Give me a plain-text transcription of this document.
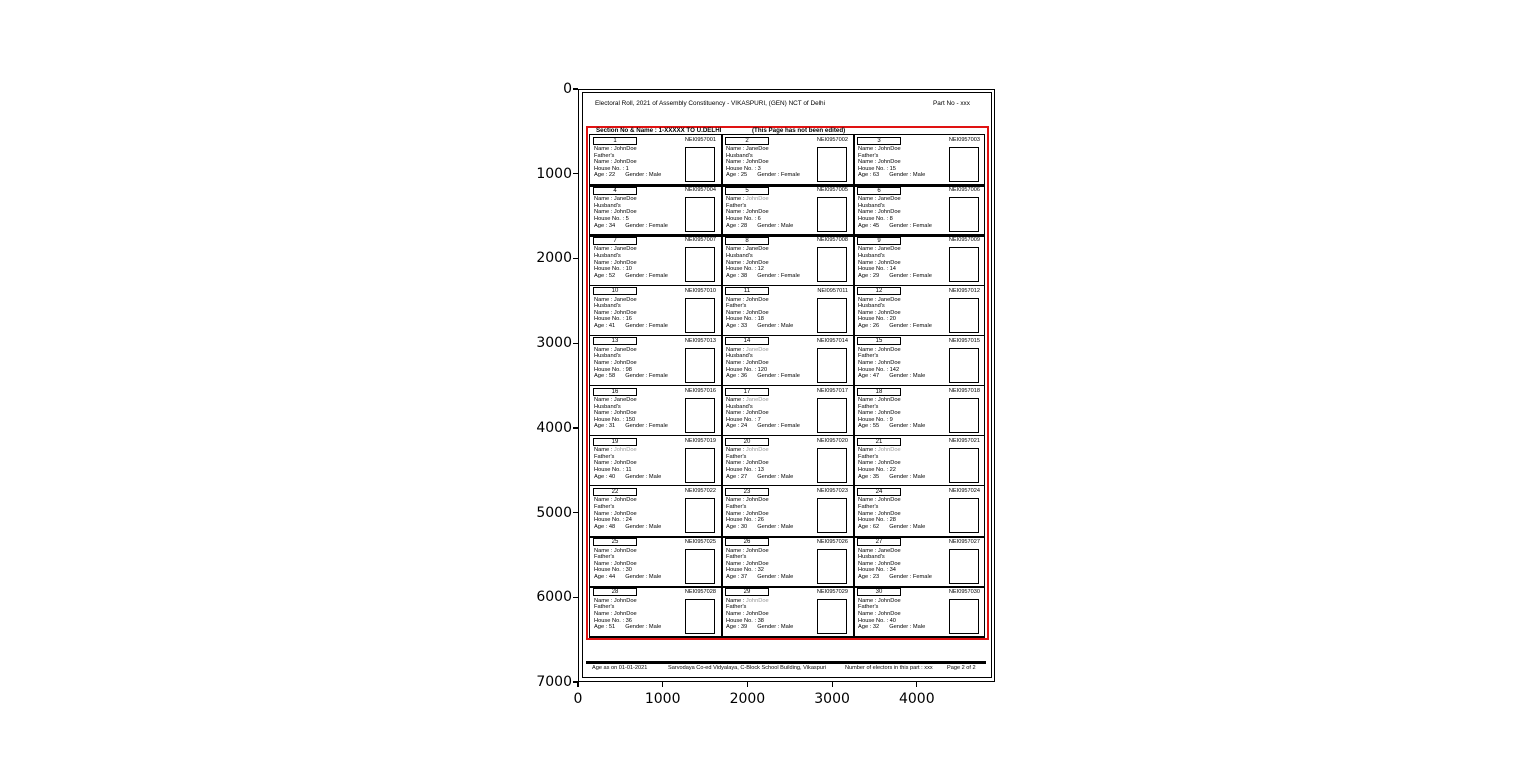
0
1000
2000
3000
4000
5000
6000
7000
0	1000	2000	3000	4000
Electoral Roll, 2021 of Assembly Constituency - VIKASPURI, (GEN) NCT of Delhi	Part No - xxx
Section No & Name : 1-XXXXX TO U.DELHI	(This Page has not been edited)
1	NEI0957001
Name : JohnDoe
Father's
Name : JohnDoe
House No. : 1
Age : 22 Gender : Male
2	NEI0957002
Name : JaneDoe
Husband's
Name : JohnDoe
House No. : 3
Age : 25 Gender : Female
3	NEI0957003
Name : JohnDoe
Father's
Name : JohnDoe
House No. : 15
Age : 63 Gender : Male
4	NEI0957004
Name : JaneDoe
Husband's
Name : JohnDoe
House No. : 5
Age : 34 Gender : Female
5	NEI0957005
Name : JohnDoe
Father's
Name : JohnDoe
House No. : 6
Age : 28 Gender : Male
6	NEI0957006
Name : JaneDoe
Husband's
Name : JohnDoe
House No. : 8
Age : 45 Gender : Female
7	NEI0957007
Name : JaneDoe
Husband's
Name : JohnDoe
House No. : 10
Age : 52 Gender : Female
8	NEI0957008
Name : JaneDoe
Husband's
Name : JohnDoe
House No. : 12
Age : 38 Gender : Female
9	NEI0957009
Name : JaneDoe
Husband's
Name : JohnDoe
House No. : 14
Age : 29 Gender : Female
10	NEI0957010
Name : JaneDoe
Husband's
Name : JohnDoe
House No. : 16
Age : 41 Gender : Female
11	NEI0957011
Name : JohnDoe
Father's
Name : JohnDoe
House No. : 18
Age : 33 Gender : Male
12	NEI0957012
Name : JaneDoe
Husband's
Name : JohnDoe
House No. : 20
Age : 26 Gender : Female
13	NEI0957013
Name : JaneDoe
Husband's
Name : JohnDoe
House No. : 98
Age : 58 Gender : Female
14	NEI0957014
Name : JaneDoe
Husband's
Name : JohnDoe
House No. : 120
Age : 36 Gender : Female
15	NEI0957015
Name : JohnDoe
Father's
Name : JohnDoe
House No. : 142
Age : 47 Gender : Male
16	NEI0957016
Name : JaneDoe
Husband's
Name : JohnDoe
House No. : 150
Age : 31 Gender : Female
17	NEI0957017
Name : JaneDoe
Husband's
Name : JohnDoe
House No. : 7
Age : 24 Gender : Female
18	NEI0957018
Name : JohnDoe
Father's
Name : JohnDoe
House No. : 9
Age : 55 Gender : Male
19	NEI0957019
Name : JohnDoe
Father's
Name : JohnDoe
House No. : 11
Age : 40 Gender : Male
20	NEI0957020
Name : JohnDoe
Father's
Name : JohnDoe
House No. : 13
Age : 27 Gender : Male
21	NEI0957021
Name : JohnDoe
Father's
Name : JohnDoe
House No. : 22
Age : 35 Gender : Male
22	NEI0957022
Name : JohnDoe
Father's
Name : JohnDoe
House No. : 24
Age : 48 Gender : Male
23	NEI0957023
Name : JohnDoe
Father's
Name : JohnDoe
House No. : 26
Age : 30 Gender : Male
24	NEI0957024
Name : JohnDoe
Father's
Name : JohnDoe
House No. : 28
Age : 62 Gender : Male
25	NEI0957025
Name : JohnDoe
Father's
Name : JohnDoe
House No. : 30
Age : 44 Gender : Male
26	NEI0957026
Name : JohnDoe
Father's
Name : JohnDoe
House No. : 32
Age : 37 Gender : Male
27	NEI0957027
Name : JaneDoe
Husband's
Name : JohnDoe
House No. : 34
Age : 23 Gender : Female
28	NEI0957028
Name : JohnDoe
Father's
Name : JohnDoe
House No. : 36
Age : 51 Gender : Male
29	NEI0957029
Name : JohnDoe
Father's
Name : JohnDoe
House No. : 38
Age : 39 Gender : Male
30	NEI0957030
Name : JohnDoe
Father's
Name : JohnDoe
House No. : 40
Age : 32 Gender : Male
Age as on 01-01-2021	Sarvodaya Co-ed Vidyalaya, C-Block School Building, Vikaspuri	Number of electors in this part : xxx	Page 2 of 2
